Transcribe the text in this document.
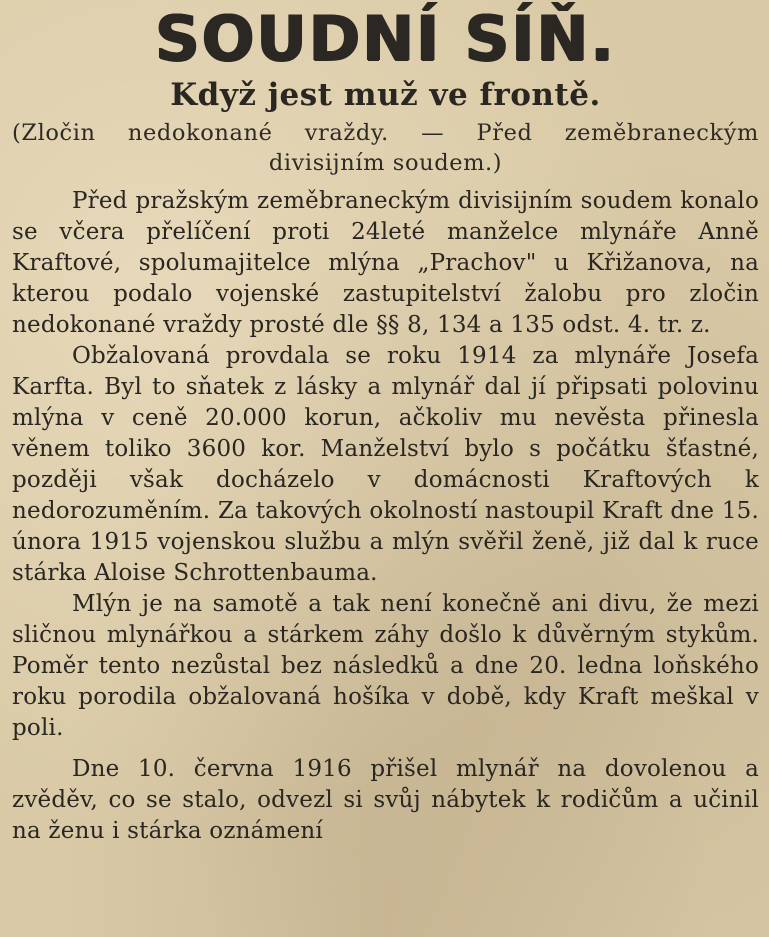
SOUDNÍ SÍŇ.
Když jest muž ve frontě.

(Zločin nedokonané vraždy. — Před zeměbraneckým divisijním soudem.)

Před pražským zeměbraneckým divisijním soudem konalo se včera přelíčení proti 24leté manželce mlynáře Anně Kraftové, spolumajitelce mlýna „Prachov" u Křižanova, na kterou podalo vojenské zastupitelství žalobu pro zločin nedokonané vraždy prosté dle §§ 8, 134 a 135 odst. 4. tr. z.

Obžalovaná provdala se roku 1914 za mlynáře Josefa Karfta. Byl to sňatek z lásky a mlynář dal jí připsati polovinu mlýna v ceně 20.000 korun, ačkoliv mu nevěsta přinesla věnem toliko 3600 kor. Manželství bylo s počátku šťastné, později však docházelo v domácnosti Kraftových k nedorozuměním. Za takových okolností nastoupil Kraft dne 15. února 1915 vojenskou službu a mlýn svěřil ženě, již dal k ruce stárka Aloise Schrottenbauma.

Mlýn je na samotě a tak není konečně ani divu, že mezi sličnou mlynářkou a stárkem záhy došlo k důvěrným stykům. Poměr tento nezůstal bez následků a dne 20. ledna loňského roku porodila obžalovaná hošíka v době, kdy Kraft meškal v poli.

Dne 10. června 1916 přišel mlynář na dovolenou a zvěděv, co se stalo, odvezl si svůj nábytek k rodičům a učinil na ženu i stárka oznámení
